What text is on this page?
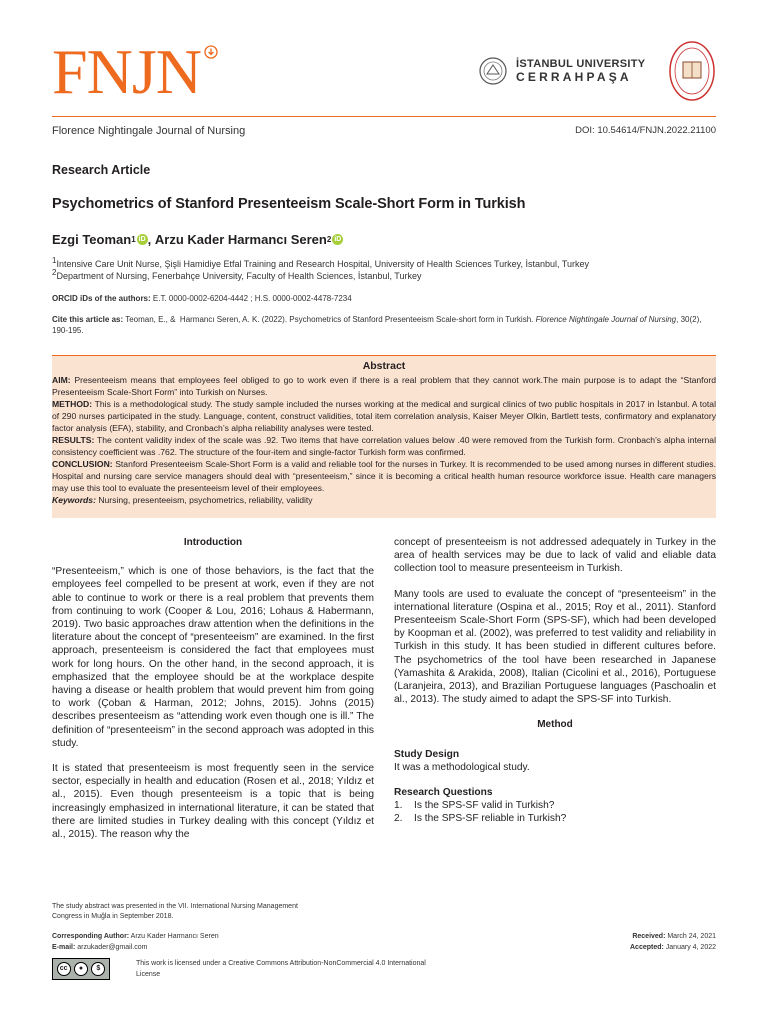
FNJN	İSTANBUL UNIVERSITY
CERRAHPAŞA
Florence Nightingale Journal of Nursing	DOI: 10.54614/FNJN.2022.21100
Research Article
Psychometrics of Stanford Presenteeism Scale-Short Form in Turkish
Ezgi Teoman 1 iD , Arzu Kader Harmancı Seren 2 iD
1Intensive Care Unit Nurse, Şişli Hamidiye Etfal Training and Research Hospital, University of Health Sciences Turkey, İstanbul, Turkey
2Department of Nursing, Fenerbahçe University, Faculty of Health Sciences, İstanbul, Turkey
ORCID iDs of the authors: E.T. 0000-0002-6204-4442 ; H.S. 0000-0002-4478-7234
Cite this article as: Teoman, E., &  Harmancı Seren, A. K. (2022). Psychometrics of Stanford Presenteeism Scale-short form in Turkish. Florence Nightingale Journal of Nursing, 30(2), 190-195.
Abstract
AIM: Presenteeism means that employees feel obliged to go to work even if there is a real problem that they cannot work.The main purpose is to adapt the “Stanford Presenteeism Scale-Short Form” into Turkish on Nurses.
METHOD: This is a methodological study. The study sample included the nurses working at the medical and surgical clinics of two public hospitals in 2017 in İstanbul. A total of 290 nurses participated in the study. Language, content, construct validities, total item correlation analysis, Kaiser Meyer Olkin, Bartlett tests, confirmatory and explanatory factor analysis (EFA), stability, and Cronbach’s alpha reliability analyses were tested.
RESULTS: The content validity index of the scale was .92. Two items that have correlation values below .40 were removed from the Turkish form. Cronbach’s alpha internal consistency coefficient was .762. The structure of the four-item and single-factor Turkish form was confirmed.
CONCLUSION: Stanford Presenteeism Scale-Short Form is a valid and reliable tool for the nurses in Turkey. It is recommended to be used among nurses in different studies. Hospital and nursing care service managers should deal with “presenteeism,” since it is becoming a critical health human resource workforce issue. Health care managers may use this tool to evaluate the presenteeism level of their employees.
Keywords: Nursing, presenteeism, psychometrics, reliability, validity
Introduction

“Presenteeism,” which is one of those behaviors, is the fact that the employees feel compelled to be present at work, even if they are not able to continue to work or there is a real problem that prevents them from continuing to work (Cooper & Lou, 2016; Lohaus & Habermann, 2019). Two basic approaches draw attention when the definitions in the literature about the concept of “presenteeism” are examined. In the first approach, presenteeism is considered the fact that employees must work for long hours. On the other hand, in the second approach, it is emphasized that the employee should be at the workplace despite having a disease or health problem that would prevent him from going to work (Çoban & Harman, 2012; Johns, 2015). Johns (2015) describes presenteeism as “attending work even though one is ill.” The definition of “presenteeism” in the second approach was adopted in this study.

It is stated that presenteeism is most frequently seen in the service sector, especially in health and education (Rosen et al., 2018; Yıldız et al., 2015). Even though presenteeism is a topic that is being increasingly emphasized in international literature, it can be stated that there are limited studies in Turkey dealing with this concept (Yıldız et al., 2015). The reason why the

concept of presenteeism is not addressed adequately in Turkey in the area of health services may be due to lack of valid and eliable data collection tool to measure presenteeism in Turkish.

Many tools are used to evaluate the concept of “presenteeism” in the international literature (Ospina et al., 2015; Roy et al., 2011). Stanford Presenteeism Scale-Short Form (SPS-SF), which had been developed by Koopman et al. (2002), was preferred to test validity and reliability in Turkish in this study. It has been studied in different cultures before. The psychometrics of the tool have been researched in Japanese (Yamashita & Arakida, 2008), Italian (Cicolini et al., 2016), Portuguese (Laranjeira, 2013), and Brazilian Portuguese languages (Paschoalin et al., 2013). The study aimed to adapt the SPS-SF into Turkish.

Method
Study Design
It was a methodological study.
Research Questions
1. Is the SPS-SF valid in Turkish?
2. Is the SPS-SF reliable in Turkish?
The study abstract was presented in the VII. International Nursing Management Congress in Muğla in September 2018.
Corresponding Author: Arzu Kader Harmancı Seren
E-mail: arzukader@gmail.com
Received: March 24, 2021
Accepted: January 4, 2022
cc	●	$
This work is licensed under a Creative Commons Attribution-NonCommercial 4.0 International License
